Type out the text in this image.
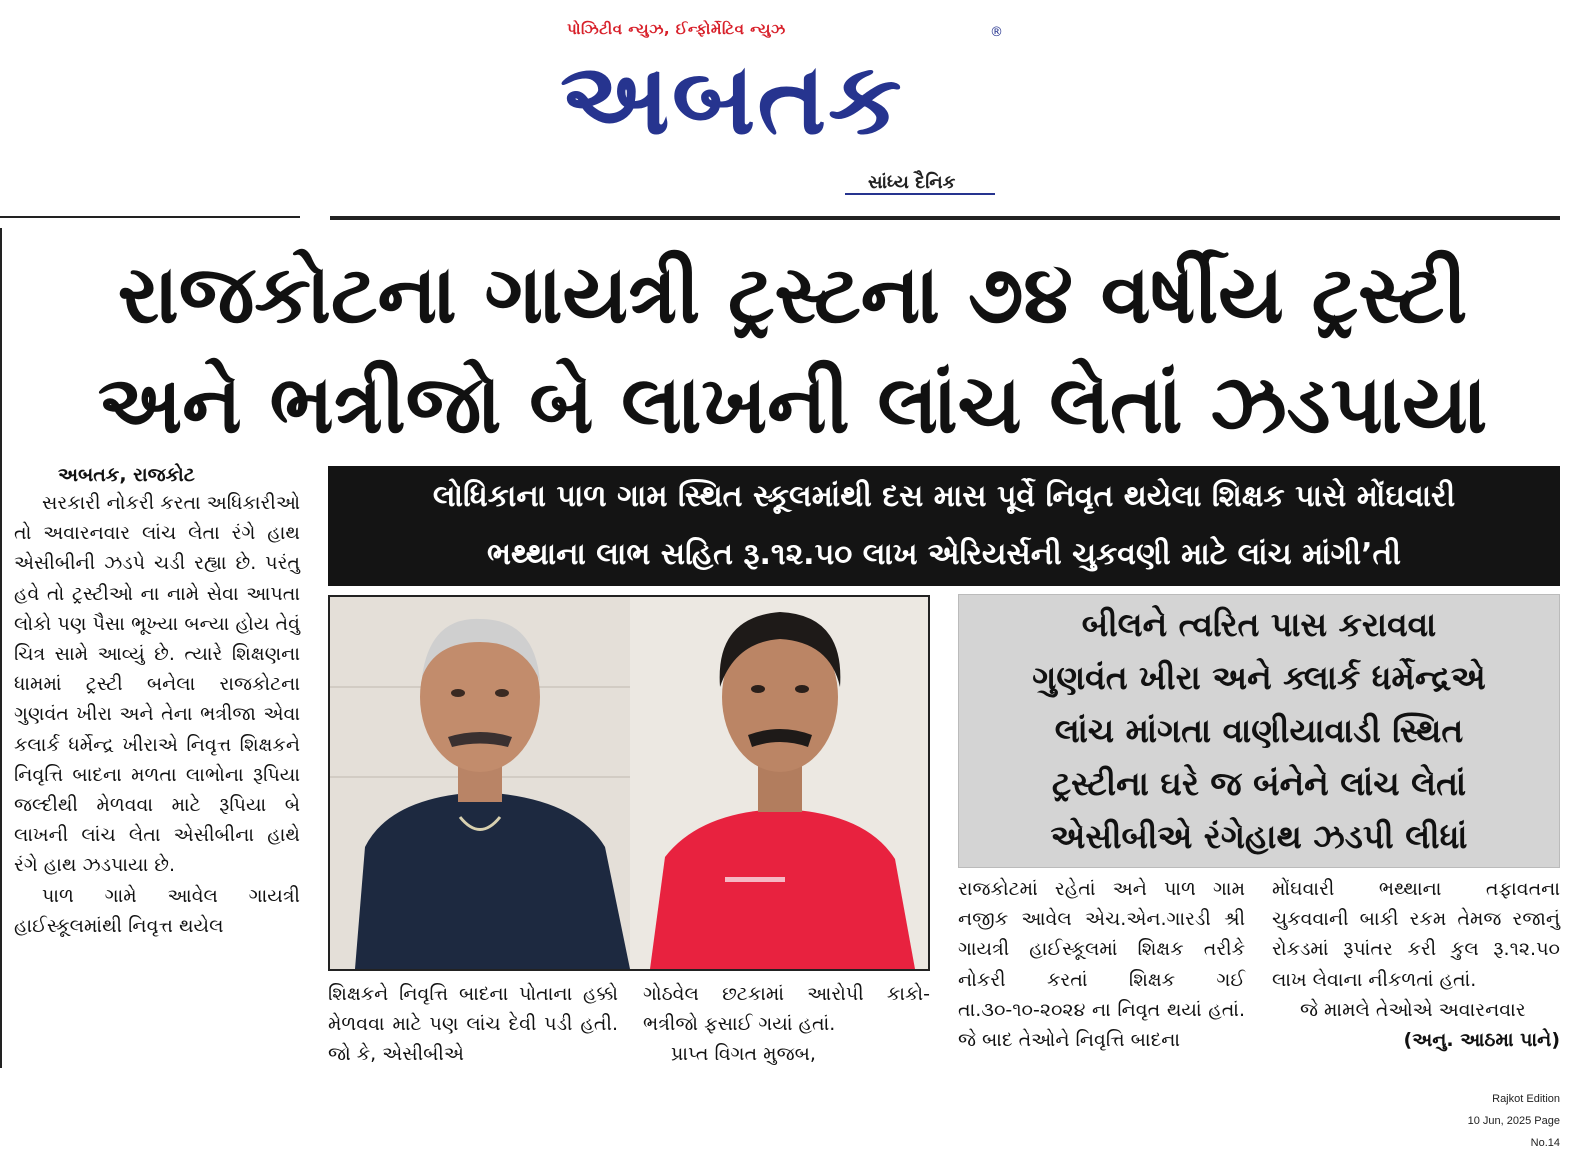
પોઝિટીવ ન્યુઝ, ઈન્ફોર્મેટિવ ન્યુઝ
અબતક
®
સાંધ્ય દૈનિક
રાજકોટના ગાયત્રી ટ્રસ્ટના ૭૪ વર્ષીય ટ્રસ્ટી
અને ભત્રીજો બે લાખની લાંચ લેતાં ઝડપાયા
લોધિકાના પાળ ગામ સ્થિત સ્કૂલમાંથી દસ માસ પૂર્વે નિવૃત થયેલા શિક્ષક પાસે મોંઘવારી
ભથ્થાના લાભ સહિત રૂ.૧૨.૫૦ લાખ એરિયર્સની ચુકવણી માટે લાંચ માંગી’તી
બીલને ત્વરિત પાસ કરાવવા
ગુણવંત ખીરા અને ક્લાર્ક ધર્મેન્દ્રએ
લાંચ માંગતા વાણીયાવાડી સ્થિત
ટ્રસ્ટીના ઘરે જ બંનેને લાંચ લેતાં
એસીબીએ રંગેહાથ ઝડપી લીધાં
અબતક, રાજકોટ

સરકારી નોકરી કરતા અધિકારીઓ તો અવારનવાર લાંચ લેતા રંગે હાથ એસીબીની ઝડપે ચડી રહ્યા છે. પરંતુ હવે તો ટ્રસ્ટીઓ ના નામે સેવા આપતા લોકો પણ પૈસા ભૂખ્યા બન્યા હોય તેવું ચિત્ર સામે આવ્યું છે. ત્યારે શિક્ષણના ધામમાં ટ્રસ્ટી બનેલા રાજકોટના ગુણવંત ખીરા અને તેના ભત્રીજા એવા કલાર્ક ધર્મેન્દ્ર ખીરાએ નિવૃત્ત શિક્ષકને નિવૃત્તિ બાદના મળતા લાભોના રૂપિયા જલ્દીથી મેળવવા માટે રૂપિયા બે લાખની લાંચ લેતા એસીબીના હાથે રંગે હાથ ઝડપાયા છે.

પાળ ગામે આવેલ ગાયત્રી હાઈસ્કૂલમાંથી નિવૃત્ત થયેલ

શિક્ષકને નિવૃત્તિ બાદના પોતાના હક્કો મેળવવા માટે પણ લાંચ દેવી પડી હતી. જો કે, એસીબીએ

ગોઠવેલ છટકામાં આરોપી કાકો-ભત્રીજો ફસાઈ ગયાં હતાં.

પ્રાપ્ત વિગત મુજબ,

રાજકોટમાં રહેતાં અને પાળ ગામ નજીક આવેલ એચ.એન.ગારડી શ્રી ગાયત્રી હાઈસ્કૂલમાં શિક્ષક તરીકે નોકરી કરતાં શિક્ષક ગઈ તા.૩૦-૧૦-૨૦૨૪ ના નિવૃત થયાં હતાં. જે બાદ તેઓને નિવૃત્તિ બાદના

મોંઘવારી ભથ્થાના તફાવતના ચુકવવાની બાકી રકમ તેમજ રજાનું રોકડમાં રૂપાંતર કરી કુલ રૂ.૧૨.૫૦ લાખ લેવાના નીકળતાં હતાં.

જે મામલે તેઓએ અવારનવાર

(અનુ. આઠમા પાને)

Rajkot Edition
10 Jun, 2025 Page No.14
